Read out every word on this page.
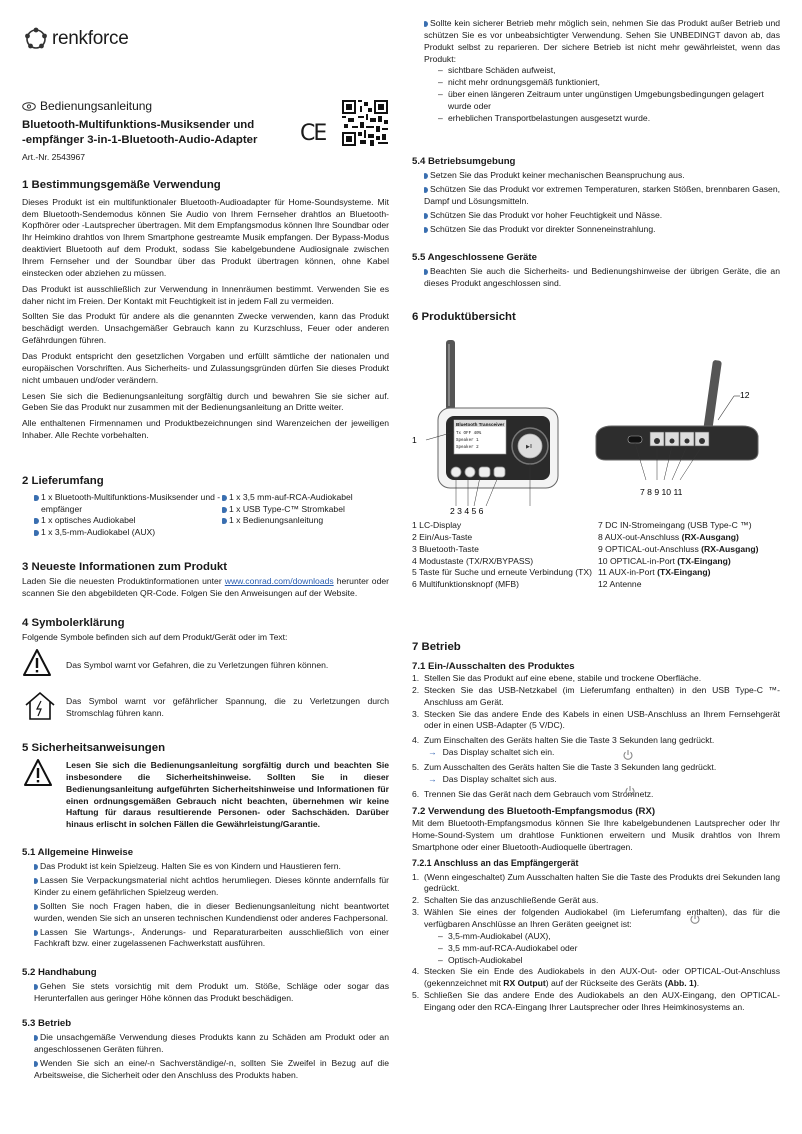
renkforce
Bedienungsanleitung
Bluetooth-Multifunktions-Musiksender und
-empfänger 3-in-1-Bluetooth-Audio-Adapter
Art.-Nr. 2543967
CE
1 Bestimmungsgemäße Verwendung

Dieses Produkt ist ein multifunktionaler Bluetooth-Audioadapter für Home-Soundsysteme. Mit dem Bluetooth-Sendemodus können Sie Audio von Ihrem Fernseher drahtlos an Bluetooth-Kopfhörer oder -Lautsprecher übertragen. Mit dem Empfangsmodus können Ihre Soundbar oder Ihr Heimkino drahtlos von Ihrem Smartphone gestreamte Musik empfangen. Der Bypass-Modus deaktiviert Bluetooth auf dem Produkt, sodass Sie kabelgebundene Audiosignale zwischen Ihrem Fernseher und der Soundbar über das Produkt übertragen können, ohne Kabel einstecken oder abziehen zu müssen.

Das Produkt ist ausschließlich zur Verwendung in Innenräumen bestimmt. Verwenden Sie es daher nicht im Freien. Der Kontakt mit Feuchtigkeit ist in jedem Fall zu vermeiden.

Sollten Sie das Produkt für andere als die genannten Zwecke verwenden, kann das Produkt beschädigt werden. Unsachgemäßer Gebrauch kann zu Kurzschluss, Feuer oder anderen Gefährdungen führen.

Das Produkt entspricht den gesetzlichen Vorgaben und erfüllt sämtliche der nationalen und europäischen Vorschriften. Aus Sicherheits- und Zulassungsgründen dürfen Sie dieses Produkt nicht umbauen und/oder verändern.

Lesen Sie sich die Bedienungsanleitung sorgfältig durch und bewahren Sie sie sicher auf. Geben Sie das Produkt nur zusammen mit der Bedienungsanleitung an Dritte weiter.

Alle enthaltenen Firmennamen und Produktbezeichnungen sind Warenzeichen der jeweiligen Inhaber. Alle Rechte vorbehalten.

2 Lieferumfang
1 x Bluetooth-Multifunktions-Musiksender und -empfänger
1 x optisches Audiokabel
1 x 3,5-mm-Audiokabel (AUX)
1 x 3,5 mm-auf-RCA-Audiokabel
1 x USB Type-C™ Stromkabel
1 x Bedienungsanleitung
3 Neueste Informationen zum Produkt

Laden Sie die neuesten Produktinformationen unter www.conrad.com/downloads herunter oder scannen Sie den abgebildeten QR-Code. Folgen Sie den Anweisungen auf der Website.

4 Symbolerklärung

Folgende Symbole befinden sich auf dem Produkt/Gerät oder im Text:

Das Symbol warnt vor Gefahren, die zu Verletzungen führen können.

Das Symbol warnt vor gefährlicher Spannung, die zu Verletzungen durch Stromschlag führen kann.

5 Sicherheitsanweisungen

Lesen Sie sich die Bedienungsanleitung sorgfältig durch und beachten Sie insbesondere die Sicherheitshinweise. Sollten Sie in dieser Bedienungsanleitung aufgeführten Sicherheitshinweise und Informationen für einen ordnungsgemäßen Gebrauch nicht beachten, übernehmen wir keine Haftung für daraus resultierende Personen- oder Sachschäden. Darüber hinaus erlischt in solchen Fällen die Gewährleistung/Garantie.

5.1 Allgemeine Hinweise

Das Produkt ist kein Spielzeug. Halten Sie es von Kindern und Haustieren fern.

Lassen Sie Verpackungsmaterial nicht achtlos herumliegen. Dieses könnte andernfalls für Kinder zu einem gefährlichen Spielzeug werden.

Sollten Sie noch Fragen haben, die in dieser Bedienungsanleitung nicht beantwortet wurden, wenden Sie sich an unseren technischen Kundendienst oder anderes Fachpersonal.

Lassen Sie Wartungs-, Änderungs- und Reparaturarbeiten ausschließlich von einer Fachkraft bzw. einer zugelassenen Fachwerkstatt ausführen.

5.2 Handhabung

Gehen Sie stets vorsichtig mit dem Produkt um. Stöße, Schläge oder sogar das Herunterfallen aus geringer Höhe können das Produkt beschädigen.

5.3 Betrieb

Die unsachgemäße Verwendung dieses Produkts kann zu Schäden am Produkt oder an angeschlossenen Geräten führen.

Wenden Sie sich an eine/-n Sachverständige/-n, sollten Sie Zweifel in Bezug auf die Arbeitsweise, die Sicherheit oder den Anschluss des Produkts haben.

Sollte kein sicherer Betrieb mehr möglich sein, nehmen Sie das Produkt außer Betrieb und schützen Sie es vor unbeabsichtigter Verwendung. Sehen Sie UNBEDINGT davon ab, das Produkt selbst zu reparieren. Der sichere Betrieb ist nicht mehr gewährleistet, wenn das Produkt:

– sichtbare Schäden aufweist,
– nicht mehr ordnungsgemäß funktioniert,
– über einen längeren Zeitraum unter ungünstigen Umgebungsbedingungen gelagert wurde oder
– erheblichen Transportbelastungen ausgesetzt wurde.
5.4 Betriebsumgebung

Setzen Sie das Produkt keiner mechanischen Beanspruchung aus.

Schützen Sie das Produkt vor extremen Temperaturen, starken Stößen, brennbaren Gasen, Dampf und Lösungsmitteln.

Schützen Sie das Produkt vor hoher Feuchtigkeit und Nässe.

Schützen Sie das Produkt vor direkter Sonneneinstrahlung.

5.5 Angeschlossene Geräte

Beachten Sie auch die Sicherheits- und Bedienungshinweise der übrigen Geräte, die an dieses Produkt angeschlossen sind.

6 Produktübersicht
Bluetooth Transceiver
Tx OFF 40%
Speaker 1
Speaker 2	▶‖
1
12
2 3 4 5 6
7 8 9 10 11
1 LC-Display
2 Ein/Aus-Taste
3 Bluetooth-Taste
4 Modustaste (TX/RX/BYPASS)
5 Taste für Suche und erneute Verbindung (TX)
6 Multifunktionsknopf (MFB)
7 DC IN-Stromeingang (USB Type-C ™)
8 AUX-out-Anschluss (RX-Ausgang)
9 OPTICAL-out-Anschluss (RX-Ausgang)
10 OPTICAL-in-Port (TX-Eingang)
11 AUX-in-Port (TX-Eingang)
12 Antenne
7 Betrieb
7.1 Ein-/Ausschalten des Produktes
1. Stellen Sie das Produkt auf eine ebene, stabile und trockene Oberfläche.
2. Stecken Sie das USB-Netzkabel (im Lieferumfang enthalten) in den USB Type-C ™-Anschluss am Gerät.
3. Stecken Sie das andere Ende des Kabels in einen USB-Anschluss an Ihrem Fernsehgerät oder in einen USB-Adapter (5 V/DC).
4. Zum Einschalten des Geräts halten Sie die Taste 3 Sekunden lang gedrückt.
→ Das Display schaltet sich ein.
5. Zum Ausschalten des Geräts halten Sie die Taste 3 Sekunden lang gedrückt.
→ Das Display schaltet sich aus.
6. Trennen Sie das Gerät nach dem Gebrauch vom Stromnetz.
7.2 Verwendung des Bluetooth-Empfangsmodus (RX)

Mit dem Bluetooth-Empfangsmodus können Sie Ihre kabelgebundenen Lautsprecher oder Ihr Home-Sound-System um drahtlose Funktionen erweitern und Musik drahtlos von Ihrem Smartphone oder einer Bluetooth-Audioquelle übertragen.

7.2.1 Anschluss an das Empfängergerät
1. (Wenn eingeschaltet) Zum Ausschalten halten Sie die Taste des Produkts drei Sekunden lang gedrückt.
2. Schalten Sie das anzuschließende Gerät aus.
3. Wählen Sie eines der folgenden Audiokabel (im Lieferumfang enthalten), das für die verfügbaren Anschlüsse an Ihren Geräten geeignet ist:
– 3,5-mm-Audiokabel (AUX),
– 3,5 mm-auf-RCA-Audiokabel oder
– Optisch-Audiokabel
4. Stecken Sie ein Ende des Audiokabels in den AUX-Out- oder OPTICAL-Out-Anschluss (gekennzeichnet mit RX Output) auf der Rückseite des Geräts (Abb. 1).
5. Schließen Sie das andere Ende des Audiokabels an den AUX-Eingang, den OPTICAL-Eingang oder den RCA-Eingang Ihrer Lautsprecher oder Ihres Heimkinosystems an.
